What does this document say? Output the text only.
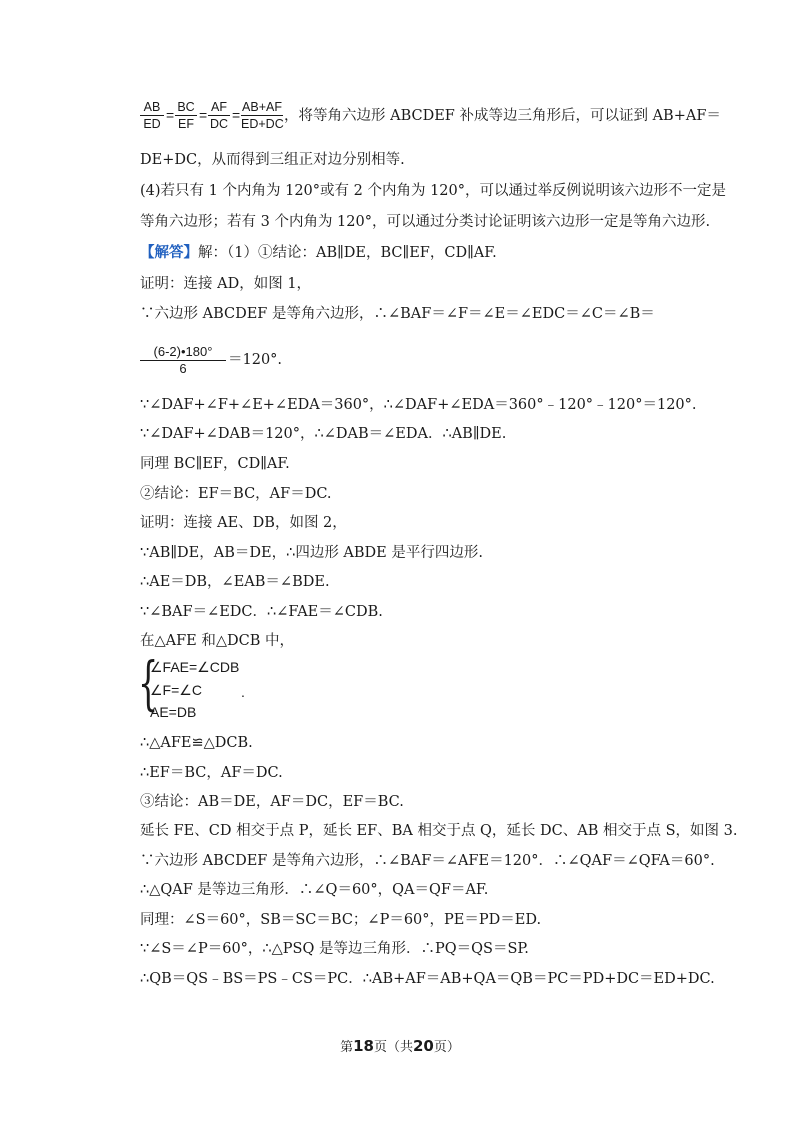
$\frac{AB}{ED} = \frac{BC}{EF} = \frac{AF}{DC} = \frac{AB+AF}{ED+DC}$ ，将等角六边形 ABCDEF 补成等边三角形后，可以证到 AB+AF＝
DE+DC，从而得到三组正对边分别相等.
(4)若只有 1 个内角为 120°或有 2 个内角为 120°，可以通过举反例说明该六边形不一定是
等角六边形；若有 3 个内角为 120°，可以通过分类讨论证明该六边形一定是等角六边形.
【解答】解：（1）①结论：AB∥DE，BC∥EF，CD∥AF.
证明：连接 AD，如图 1，
∵六边形 ABCDEF 是等角六边形，∴∠BAF＝∠F＝∠E＝∠EDC＝∠C＝∠B＝
$\frac{(6-2)•180^\circ}{6} =120^\circ$.
∵∠DAF+∠F+∠E+∠EDA＝360°，∴∠DAF+∠EDA＝360°﹣120°﹣120°＝120°.
∵∠DAF+∠DAB＝120°，∴∠DAB＝∠EDA．∴AB∥DE.
同理 BC∥EF，CD∥AF.
②结论：EF＝BC，AF＝DC.
证明：连接 AE、DB，如图 2，
∵AB∥DE，AB＝DE，∴四边形 ABDE 是平行四边形.
∴AE＝DB，∠EAB＝∠BDE.
∵∠BAF＝∠EDC．∴∠FAE＝∠CDB.
在△AFE 和△DCB 中，
{
∠FAE=∠CDB
∠F=∠C	.
AE=DB
∴△AFE≌△DCB.
∴EF＝BC，AF＝DC.
③结论：AB＝DE，AF＝DC，EF＝BC.
延长 FE、CD 相交于点 P，延长 EF、BA 相交于点 Q，延长 DC、AB 相交于点 S，如图 3.
∵六边形 ABCDEF 是等角六边形，∴∠BAF＝∠AFE＝120°．∴∠QAF＝∠QFA＝60°.
∴△QAF 是等边三角形．∴∠Q＝60°，QA＝QF＝AF.
同理：∠S＝60°，SB＝SC＝BC；∠P＝60°，PE＝PD＝ED.
∵∠S＝∠P＝60°，∴△PSQ 是等边三角形．∴PQ＝QS＝SP.
∴QB＝QS﹣BS＝PS﹣CS＝PC．∴AB+AF＝AB+QA＝QB＝PC＝PD+DC＝ED+DC.
第18页（共20页）
